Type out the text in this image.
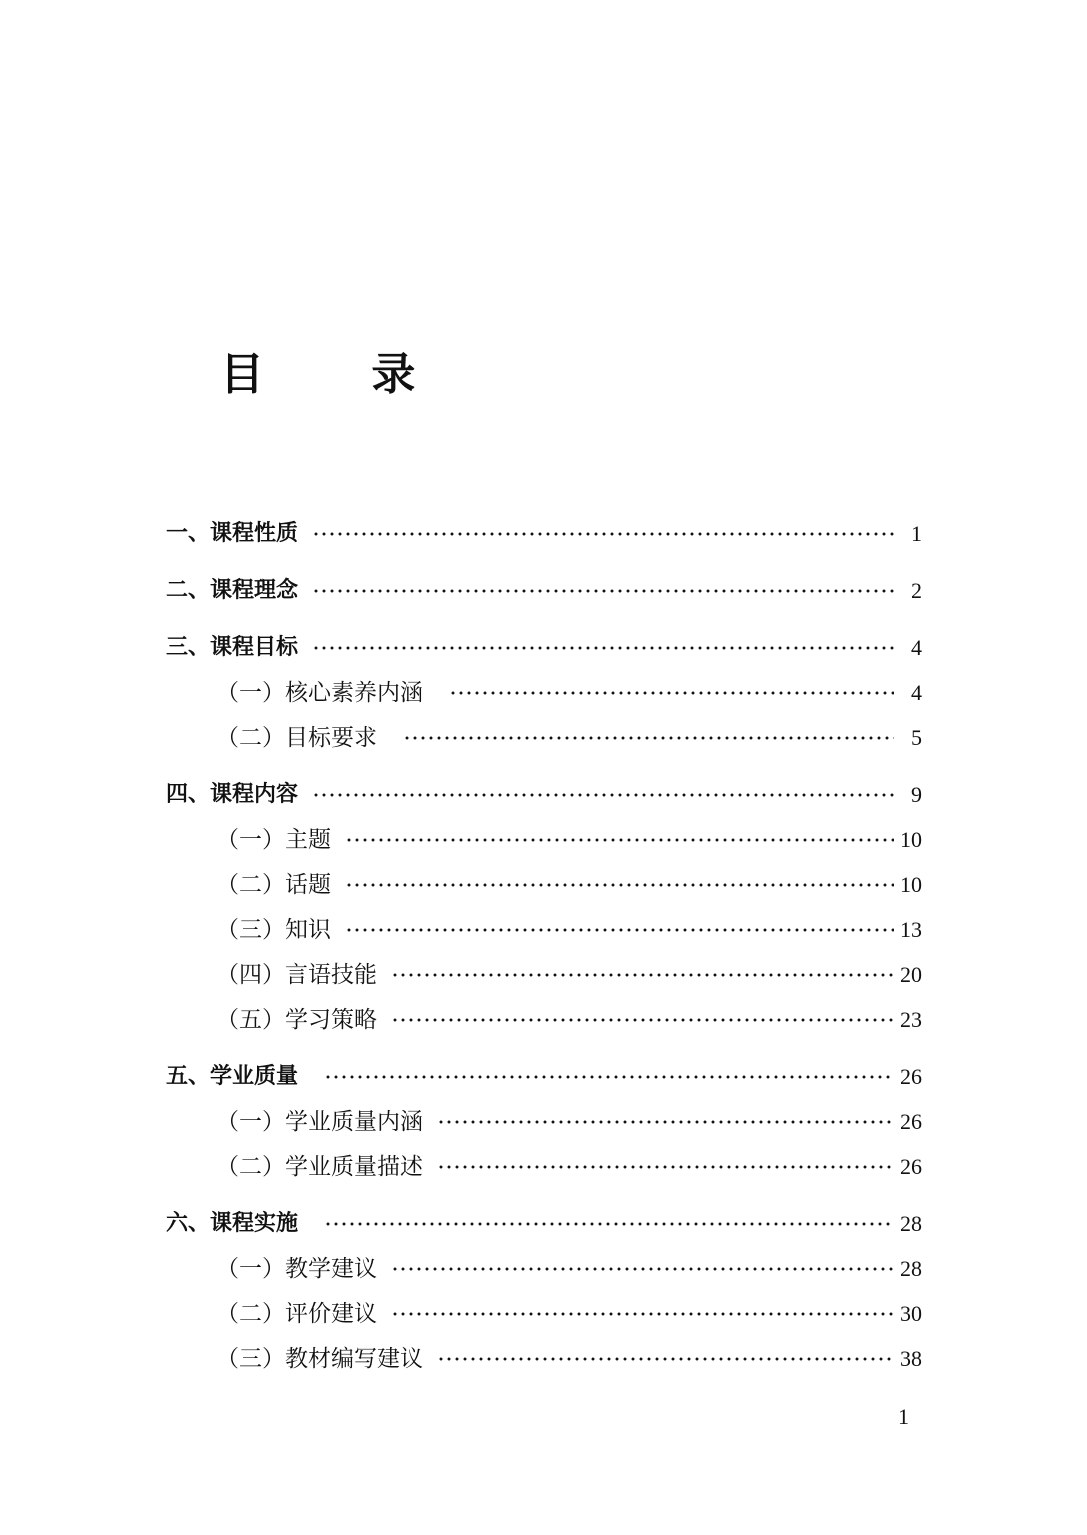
目 录
一、课程性质	1
二、课程理念	2
三、课程目标	4
（一）核心素养内涵	4
（二）目标要求	5
四、课程内容	9
（一）主题	10
（二）话题	10
（三）知识	13
（四）言语技能	20
（五）学习策略	23
五、学业质量	26
（一）学业质量内涵	26
（二）学业质量描述	26
六、课程实施	28
（一）教学建议	28
（二）评价建议	30
（三）教材编写建议	38
1
